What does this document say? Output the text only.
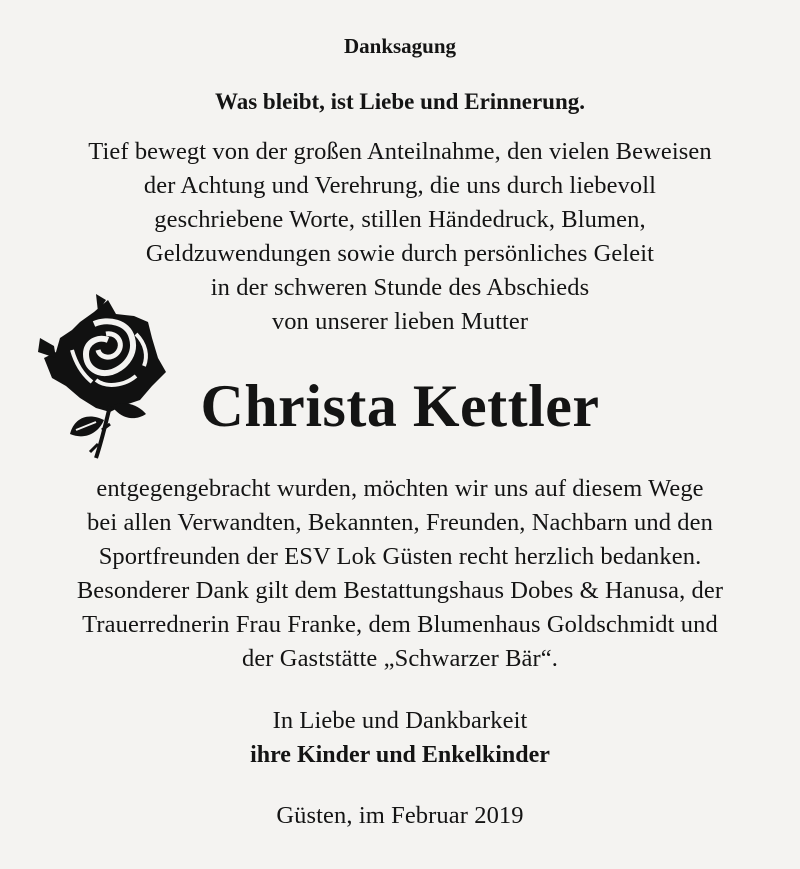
Danksagung
Was bleibt, ist Liebe und Erinnerung.
Tief bewegt von der großen Anteilnahme, den vielen Beweisen
der Achtung und Verehrung, die uns durch liebevoll
geschriebene Worte, stillen Händedruck, Blumen,
Geldzuwendungen sowie durch persönliches Geleit
in der schweren Stunde des Abschieds
von unserer lieben Mutter
Christa Kettler
entgegengebracht wurden, möchten wir uns auf diesem Wege
bei allen Verwandten, Bekannten, Freunden, Nachbarn und den
Sportfreunden der ESV Lok Güsten recht herzlich bedanken.
Besonderer Dank gilt dem Bestattungshaus Dobes & Hanusa, der
Trauerrednerin Frau Franke, dem Blumenhaus Goldschmidt und
der Gaststätte „Schwarzer Bär“.
In Liebe und Dankbarkeit
ihre Kinder und Enkelkinder
Güsten, im Februar 2019
